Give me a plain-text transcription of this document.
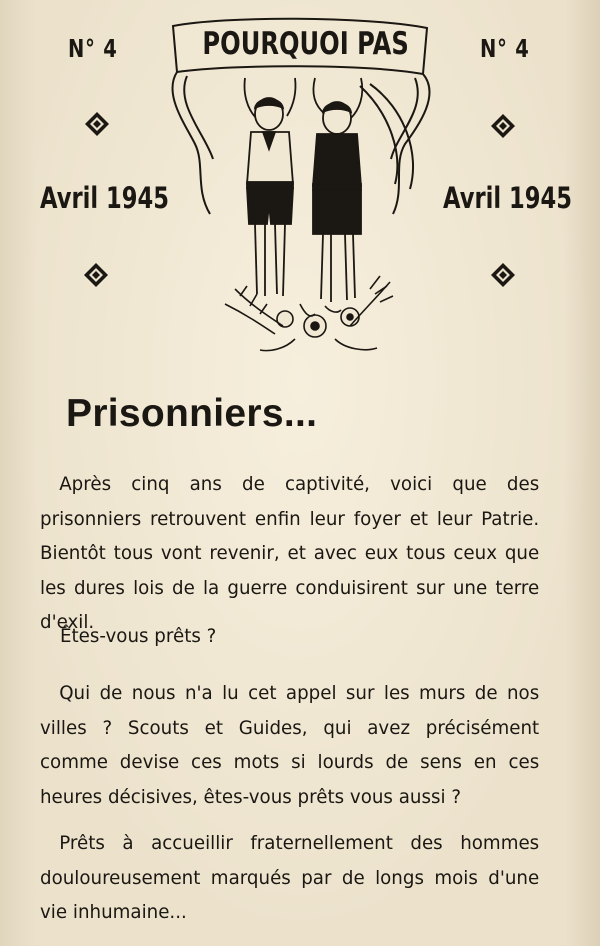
N° 4	N° 4
Avril 1945	Avril 1945
POURQUOI PAS
Prisonniers...
Après cinq ans de captivité, voici que des prisonniers retrouvent enfin leur foyer et leur Patrie. Bientôt tous vont revenir, et avec eux tous ceux que les dures lois de la guerre conduisirent sur une terre d'exil.
Êtes-vous prêts ?
Qui de nous n'a lu cet appel sur les murs de nos villes ? Scouts et Guides, qui avez précisément comme devise ces mots si lourds de sens en ces heures décisives, êtes-vous prêts vous aussi ?
Prêts à accueillir fraternellement des hommes douloureusement marqués par de longs mois d'une vie inhumaine...
